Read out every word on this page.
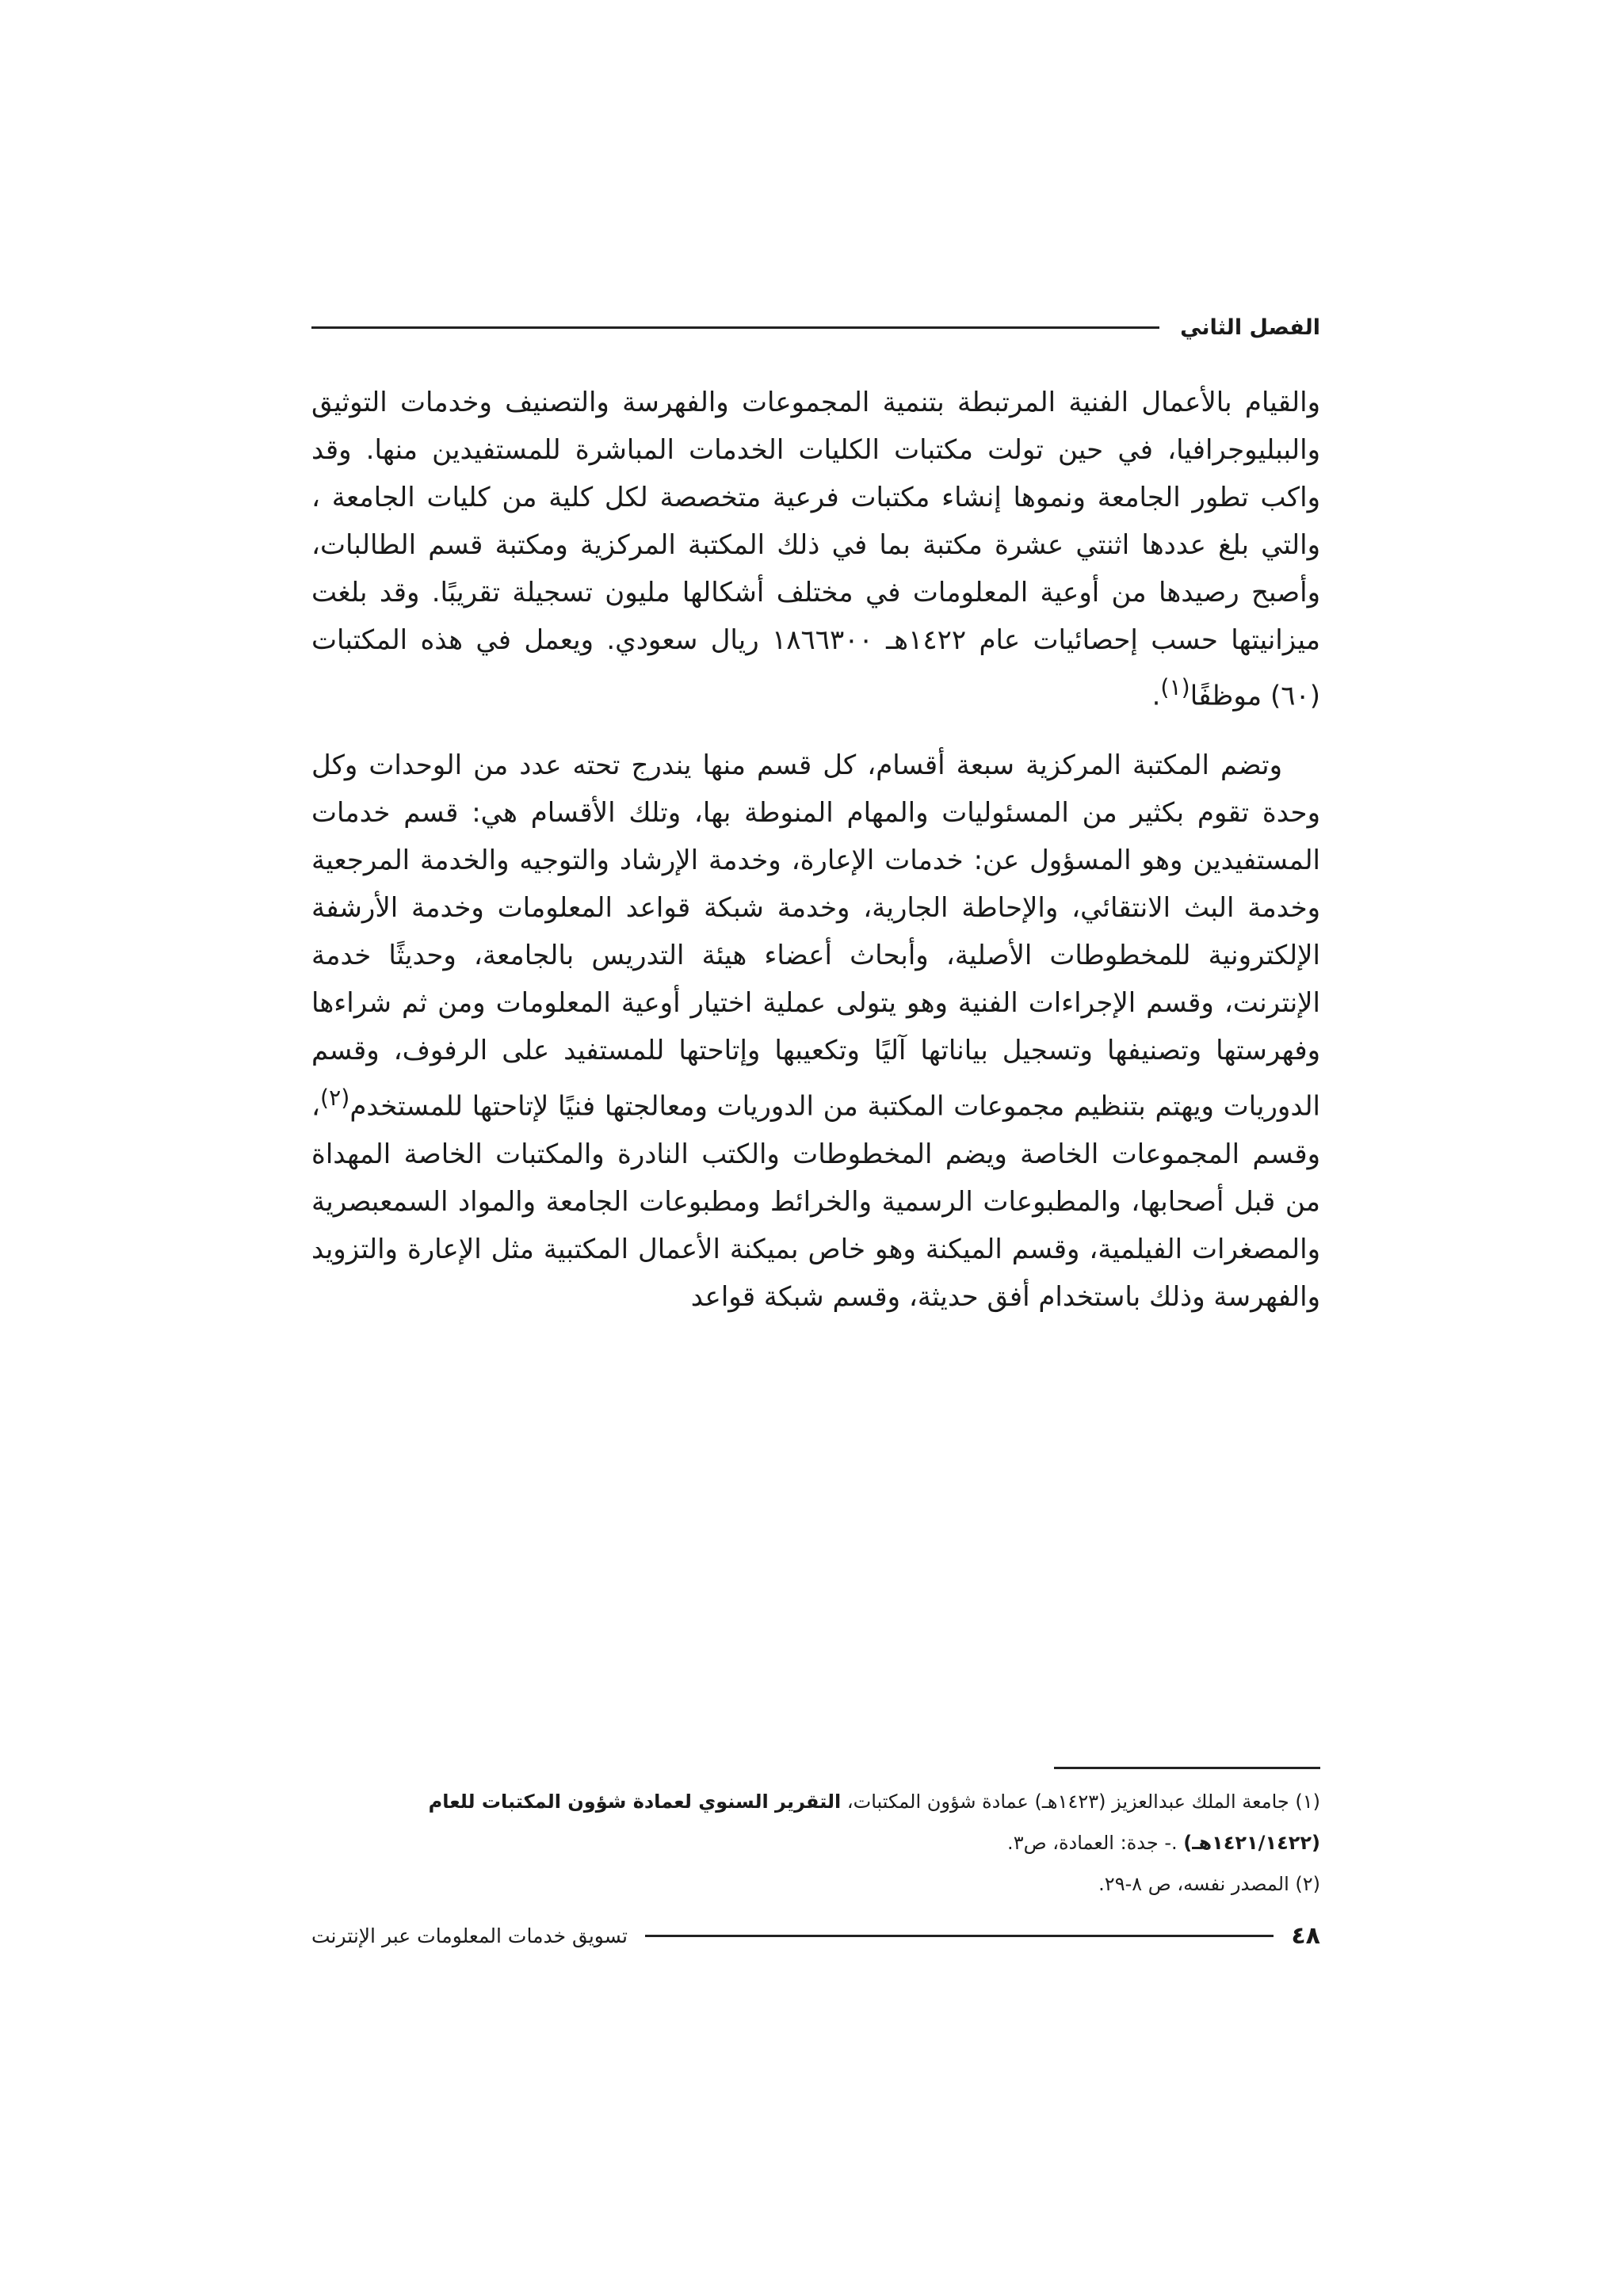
الفصل الثاني

والقيام بالأعمال الفنية المرتبطة بتنمية المجموعات والفهرسة والتصنيف وخدمات التوثيق والببليوجرافيا، في حين تولت مكتبات الكليات الخدمات المباشرة للمستفيدين منها. وقد واكب تطور الجامعة ونموها إنشاء مكتبات فرعية متخصصة لكل كلية من كليات الجامعة ، والتي بلغ عددها اثنتي عشرة مكتبة بما في ذلك المكتبة المركزية ومكتبة قسم الطالبات، وأصبح رصيدها من أوعية المعلومات في مختلف أشكالها مليون تسجيلة تقريبًا. وقد بلغت ميزانيتها حسب إحصائيات عام ١٤٢٢هـ ١٨٦٦٣٠٠ ريال سعودي. ويعمل في هذه المكتبات (٦٠) موظفًا$^{(١)}$.

وتضم المكتبة المركزية سبعة أقسام، كل قسم منها يندرج تحته عدد من الوحدات وكل وحدة تقوم بكثير من المسئوليات والمهام المنوطة بها، وتلك الأقسام هي: قسم خدمات المستفيدين وهو المسؤول عن: خدمات الإعارة، وخدمة الإرشاد والتوجيه والخدمة المرجعية وخدمة البث الانتقائي، والإحاطة الجارية، وخدمة شبكة قواعد المعلومات وخدمة الأرشفة الإلكترونية للمخطوطات الأصلية، وأبحاث أعضاء هيئة التدريس بالجامعة، وحديثًا خدمة الإنترنت، وقسم الإجراءات الفنية وهو يتولى عملية اختيار أوعية المعلومات ومن ثم شراءها وفهرستها وتصنيفها وتسجيل بياناتها آليًا وتكعيبها وإتاحتها للمستفيد على الرفوف، وقسم الدوريات ويهتم بتنظيم مجموعات المكتبة من الدوريات ومعالجتها فنيًا لإتاحتها للمستخدم$^{(٢)}$، وقسم المجموعات الخاصة ويضم المخطوطات والكتب النادرة والمكتبات الخاصة المهداة من قبل أصحابها، والمطبوعات الرسمية والخرائط ومطبوعات الجامعة والمواد السمعبصرية والمصغرات الفيلمية، وقسم الميكنة وهو خاص بميكنة الأعمال المكتبية مثل الإعارة والتزويد والفهرسة وذلك باستخدام أفق حديثة، وقسم شبكة قواعد

(١) جامعة الملك عبدالعزيز (١٤٢٣هـ) عمادة شؤون المكتبات، التقرير السنوي لعمادة شؤون المكتبات للعام (١٤٢١/١٤٢٢هـ) .- جدة: العمادة، ص٣.

(٢) المصدر نفسه، ص ٨-٢٩.

٤٨
تسويق خدمات المعلومات عبر الإنترنت
